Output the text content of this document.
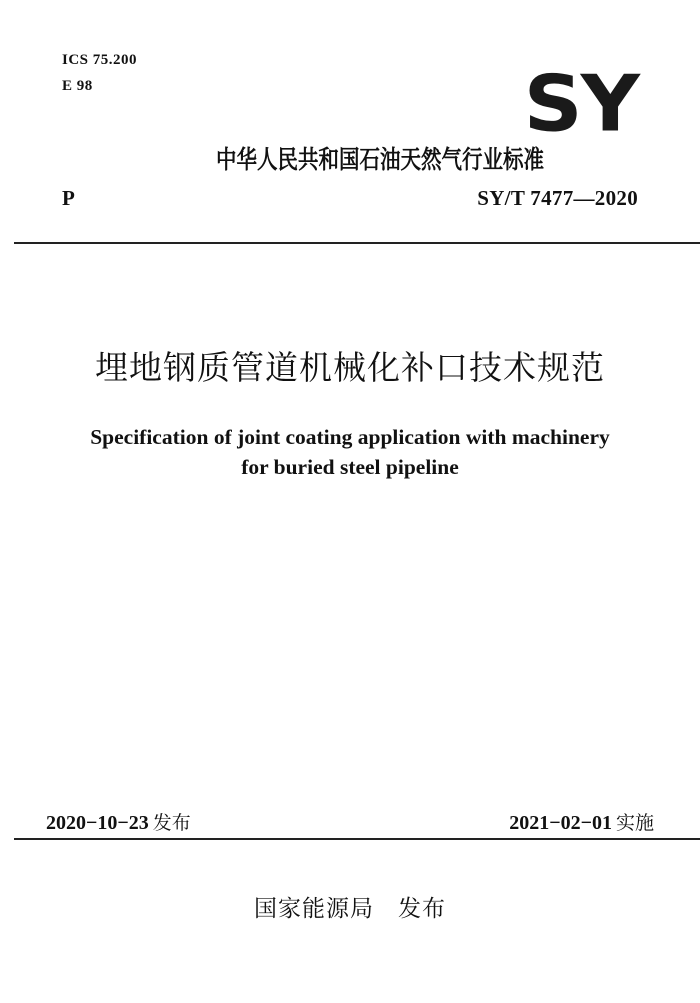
ICS 75.200
E 98	SY
中华人民共和国石油天然气行业标准
P	SY/T 7477—2020
埋地钢质管道机械化补口技术规范
Specification of joint coating application with machinery
for buried steel pipeline
2020−10−23 发布	2021−02−01 实施
国家能源局 发布
